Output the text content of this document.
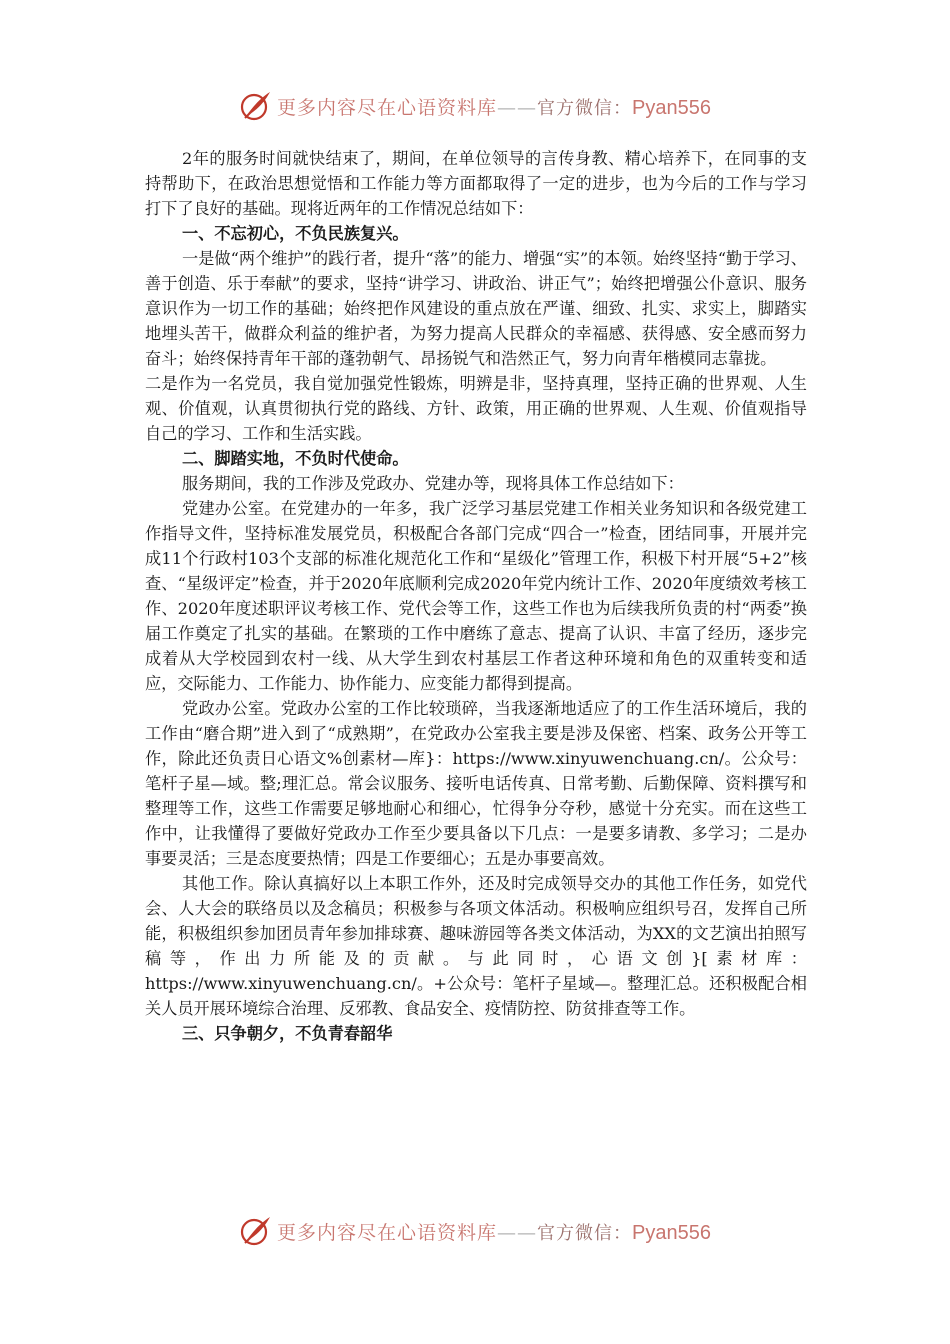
更多内容尽在心语资料库——官方微信：Pyan556

2年的服务时间就快结束了，期间，在单位领导的言传身教、精心培养下，在同事的支持帮助下，在政治思想觉悟和工作能力等方面都取得了一定的进步，也为今后的工作与学习打下了良好的基础。现将近两年的工作情况总结如下：

一、不忘初心，不负民族复兴。

一是做“两个维护”的践行者，提升“落”的能力、增强“实”的本领。始终坚持“勤于学习、善于创造、乐于奉献”的要求，坚持“讲学习、讲政治、讲正气”；始终把增强公仆意识、服务意识作为一切工作的基础；始终把作风建设的重点放在严谨、细致、扎实、求实上，脚踏实地埋头苦干，做群众利益的维护者，为努力提高人民群众的幸福感、获得感、安全感而努力奋斗；始终保持青年干部的蓬勃朝气、昂扬锐气和浩然正气，努力向青年楷模同志靠拢。

二是作为一名党员，我自觉加强党性锻炼，明辨是非，坚持真理，坚持正确的世界观、人生观、价值观，认真贯彻执行党的路线、方针、政策，用正确的世界观、人生观、价值观指导自己的学习、工作和生活实践。

二、脚踏实地，不负时代使命。

服务期间，我的工作涉及党政办、党建办等，现将具体工作总结如下：

党建办公室。在党建办的一年多，我广泛学习基层党建工作相关业务知识和各级党建工作指导文件，坚持标准发展党员，积极配合各部门完成“四合一”检查，团结同事，开展并完成11个行政村103个支部的标准化规范化工作和“星级化”管理工作，积极下村开展“5+2”核查、“星级评定”检查，并于2020年底顺利完成2020年党内统计工作、2020年度绩效考核工作、2020年度述职评议考核工作、党代会等工作，这些工作也为后续我所负责的村“两委”换届工作奠定了扎实的基础。在繁琐的工作中磨练了意志、提高了认识、丰富了经历，逐步完成着从大学校园到农村一线、从大学生到农村基层工作者这种环境和角色的双重转变和适应，交际能力、工作能力、协作能力、应变能力都得到提高。

党政办公室。党政办公室的工作比较琐碎，当我逐渐地适应了的工作生活环境后，我的工作由“磨合期”进入到了“成熟期”，在党政办公室我主要是涉及保密、档案、政务公开等工作，除此还负责日心语文%创素材—库}：https://www.xinyuwenchuang.cn/。公众号：笔杆子星—域。整;理汇总。常会议服务、接听电话传真、日常考勤、后勤保障、资料撰写和整理等工作，这些工作需要足够地耐心和细心，忙得争分夺秒，感觉十分充实。而在这些工作中，让我懂得了要做好党政办工作至少要具备以下几点：一是要多请教、多学习；二是办事要灵活；三是态度要热情；四是工作要细心；五是办事要高效。

其他工作。除认真搞好以上本职工作外，还及时完成领导交办的其他工作任务，如党代会、人大会的联络员以及念稿员；积极参与各项文体活动。积极响应组织号召，发挥自己所能，积极组织参加团员青年参加排球赛、趣味游园等各类文体活动，为XX的文艺演出拍照写稿等，作出力所能及的贡献。与此同时，心语文创}[素材库：https://www.xinyuwenchuang.cn/。+公众号：笔杆子星域—。整理汇总。还积极配合相关人员开展环境综合治理、反邪教、食品安全、疫情防控、防贫排查等工作。

三、只争朝夕，不负青春韶华

更多内容尽在心语资料库——官方微信：Pyan556
